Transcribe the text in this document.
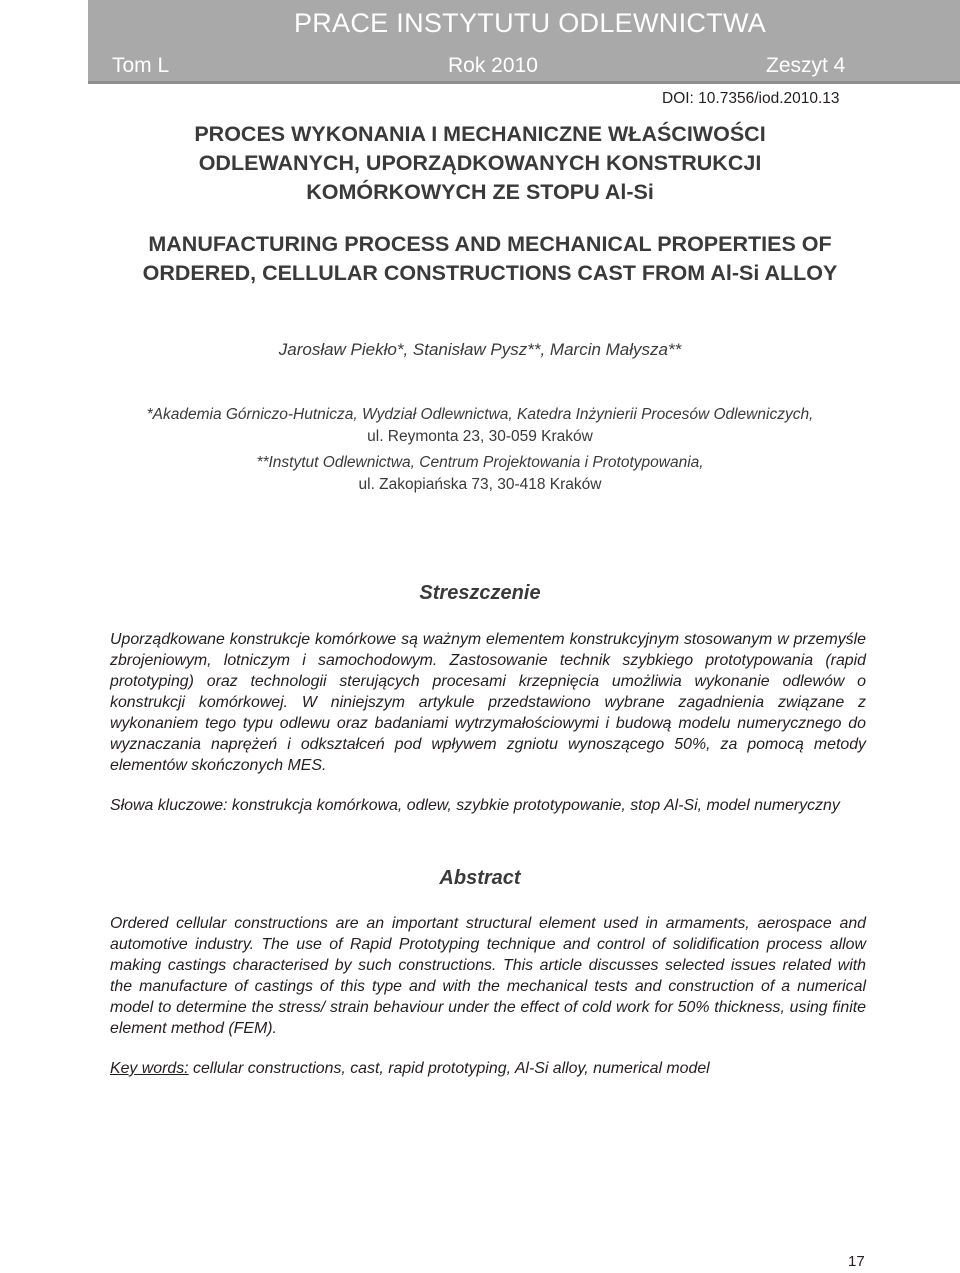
PRACE INSTYTUTU ODLEWNICTWA
Tom L	Rok 2010	Zeszyt 4
DOI: 10.7356/iod.2010.13
PROCES WYKONANIA I MECHANICZNE WŁAŚCIWOŚCI
ODLEWANYCH, UPORZĄDKOWANYCH KONSTRUKCJI
KOMÓRKOWYCH ZE STOPU Al-Si
MANUFACTURING PROCESS AND MECHANICAL PROPERTIES OF
ORDERED, CELLULAR CONSTRUCTIONS CAST FROM Al-Si ALLOY
Jarosław Piekło*, Stanisław Pysz**, Marcin Małysza**
*Akademia Górniczo-Hutnicza, Wydział Odlewnictwa, Katedra Inżynierii Procesów Odlewniczych,
ul. Reymonta 23, 30-059 Kraków
**Instytut Odlewnictwa, Centrum Projektowania i Prototypowania,
ul. Zakopiańska 73, 30-418 Kraków
Streszczenie

Uporządkowane konstrukcje komórkowe są ważnym elementem konstrukcyjnym stosowanym w przemyśle zbrojeniowym, lotniczym i samochodowym. Zastosowanie technik szybkiego prototypowania (rapid prototyping) oraz technologii sterujących procesami krzepnięcia umożliwia wykonanie odlewów o konstrukcji komórkowej. W niniejszym artykule przedstawiono wybrane zagadnienia związane z wykonaniem tego typu odlewu oraz badaniami wytrzymałościowymi i budową modelu numerycznego do wyznaczania naprężeń i odkształceń pod wpływem zgniotu wynoszącego 50%, za pomocą metody elementów skończonych MES.

Słowa kluczowe: konstrukcja komórkowa, odlew, szybkie prototypowanie, stop Al-Si, model numeryczny

Abstract

Ordered cellular constructions are an important structural element used in armaments, aerospace and automotive industry. The use of Rapid Prototyping technique and control of solidification process allow making castings characterised by such constructions. This article discusses selected issues related with the manufacture of castings of this type and with the mechanical tests and construction of a numerical model to determine the stress/ strain behaviour under the effect of cold work for 50% thickness, using finite element method (FEM).

Key words: cellular constructions, cast, rapid prototyping, Al-Si alloy, numerical model

17
